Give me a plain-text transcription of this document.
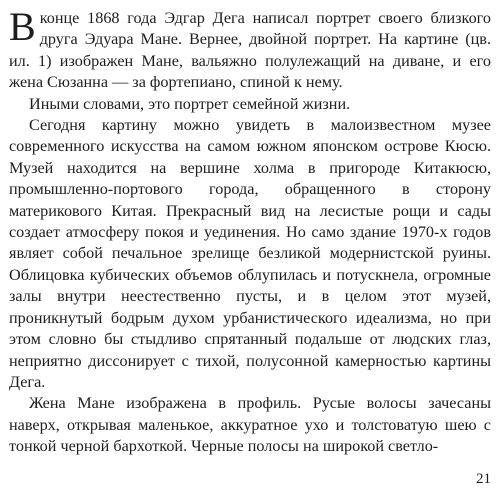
В конце 1868 года Эдгар Дега написал портрет своего близкого друга Эдуара Мане. Вернее, двойной портрет. На картине (цв. ил. 1) изображен Мане, вальяжно полулежащий на диване, и его жена Сюзанна — за фортепиано, спиной к нему.

Иными словами, это портрет семейной жизни.

Сегодня картину можно увидеть в малоизвестном музее современного искусства на самом южном японском острове Кюсю. Музей находится на вершине холма в пригороде Китакюсю, промышленно-портового города, обращенного в сторону материкового Китая. Прекрасный вид на лесистые рощи и сады создает атмосферу покоя и уединения. Но само здание 1970-х годов являет собой печальное зрелище безликой модернистской руины. Облицовка кубических объемов облупилась и потускнела, огромные залы внутри неестественно пусты, и в целом этот музей, проникнутый бодрым духом урбанистического идеализма, но при этом словно бы стыдливо спрятанный подальше от людских глаз, неприятно диссонирует с тихой, полусонной камерностью картины Дега.

Жена Мане изображена в профиль. Русые волосы зачесаны наверх, открывая маленькое, аккуратное ухо и толстоватую шею с тонкой черной бархоткой. Черные полосы на широкой светло-

21
